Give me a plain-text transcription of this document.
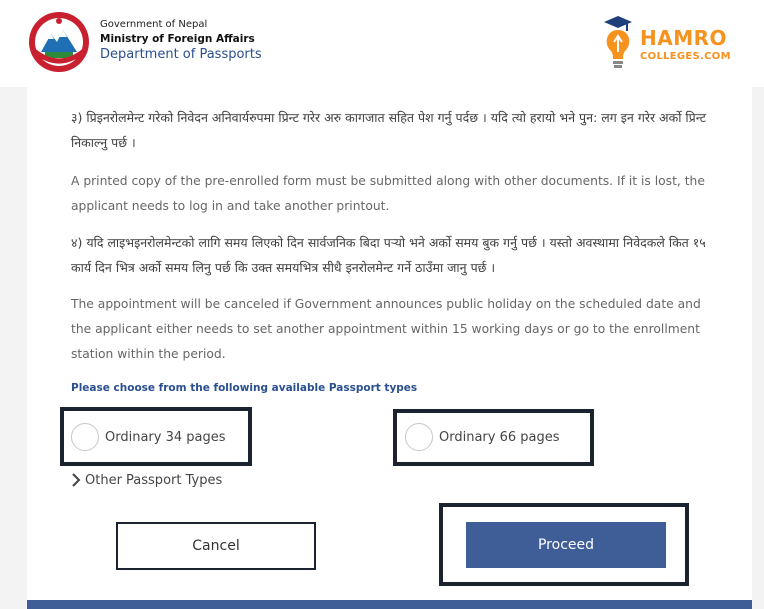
Government of Nepal
Ministry of Foreign Affairs
Department of Passports
HAMRO
COLLEGES.COM
३) प्रिइनरोलमेन्ट गरेको निवेदन अनिवार्यरुपमा प्रिन्ट गरेर अरु कागजात सहित पेश गर्नु पर्दछ । यदि त्यो हरायो भने पुन: लग इन गरेर अर्को प्रिन्ट निकाल्नु पर्छ ।
A printed copy of the pre-enrolled form must be submitted along with other documents. If it is lost, the applicant needs to log in and take another printout.
४) यदि लाइभइनरोलमेन्टको लागि समय लिएको दिन सार्वजनिक बिदा पर्‍यो भने अर्को समय बुक गर्नु पर्छ । यस्तो अवस्थामा निवेदकले कित १५ कार्य दिन भित्र अर्को समय लिनु पर्छ कि उक्त समयभित्र सीधै इनरोलमेन्ट गर्ने ठाउँमा जानु पर्छ ।
The appointment will be canceled if Government announces public holiday on the scheduled date and the applicant either needs to set another appointment within 15 working days or go to the enrollment station within the period.
Please choose from the following available Passport types
Ordinary 34 pages	Ordinary 66 pages
Other Passport Types
Cancel	Proceed
